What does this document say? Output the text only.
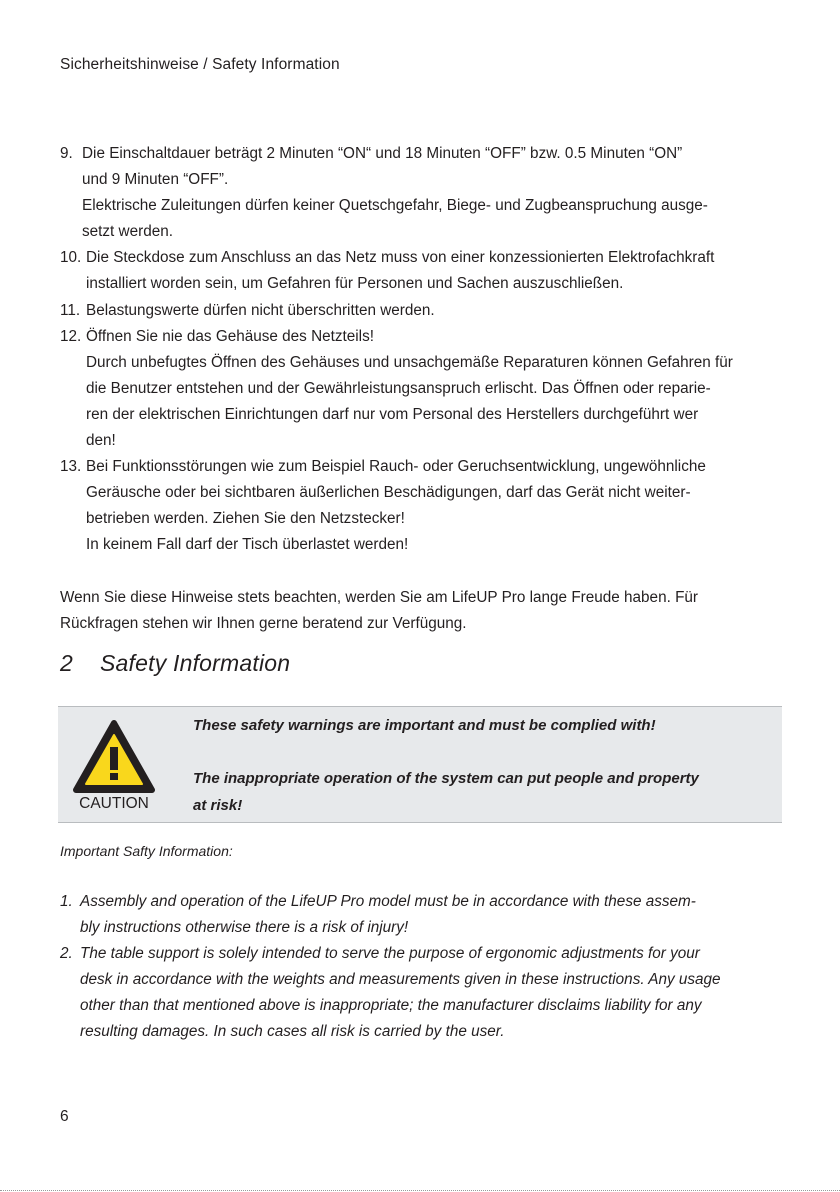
Sicherheitshinweise / Safety Information
9. Die Einschaltdauer beträgt 2 Minuten “ON“ und 18 Minuten “OFF” bzw. 0.5 Minuten “ON”
und 9 Minuten “OFF”.
Elektrische Zuleitungen dürfen keiner Quetschgefahr, Biege- und Zugbeanspruchung ausge-
setzt werden.
10. Die Steckdose zum Anschluss an das Netz muss von einer konzessionierten Elektrofachkraft
installiert worden sein, um Gefahren für Personen und Sachen auszuschließen.
11. Belastungswerte dürfen nicht überschritten werden.
12. Öffnen Sie nie das Gehäuse des Netzteils!
Durch unbefugtes Öffnen des Gehäuses und unsachgemäße Reparaturen können Gefahren für
die Benutzer entstehen und der Gewährleistungsanspruch erlischt. Das Öffnen oder reparie-
ren der elektrischen Einrichtungen darf nur vom Personal des Herstellers durchgeführt wer
den!
13. Bei Funktionsstörungen wie zum Beispiel Rauch- oder Geruchsentwicklung, ungewöhnliche
Geräusche oder bei sichtbaren äußerlichen Beschädigungen, darf das Gerät nicht weiter-
betrieben werden. Ziehen Sie den Netzstecker!
In keinem Fall darf der Tisch überlastet werden!
Wenn Sie diese Hinweise stets beachten, werden Sie am LifeUP Pro lange Freude haben. Für
Rückfragen stehen wir Ihnen gerne beratend zur Verfügung.
2 Safety Information
CAUTION

These safety warnings are important and must be complied with!

The inappropriate operation of the system can put people and property

at risk!

Important Safty Information:
1. Assembly and operation of the LifeUP Pro model must be in accordance with these assem-
bly instructions otherwise there is a risk of injury!
2. The table support is solely intended to serve the purpose of ergonomic adjustments for your
desk in accordance with the weights and measurements given in these instructions. Any usage
other than that mentioned above is inappropriate; the manufacturer disclaims liability for any
resulting damages. In such cases all risk is carried by the user.
6
